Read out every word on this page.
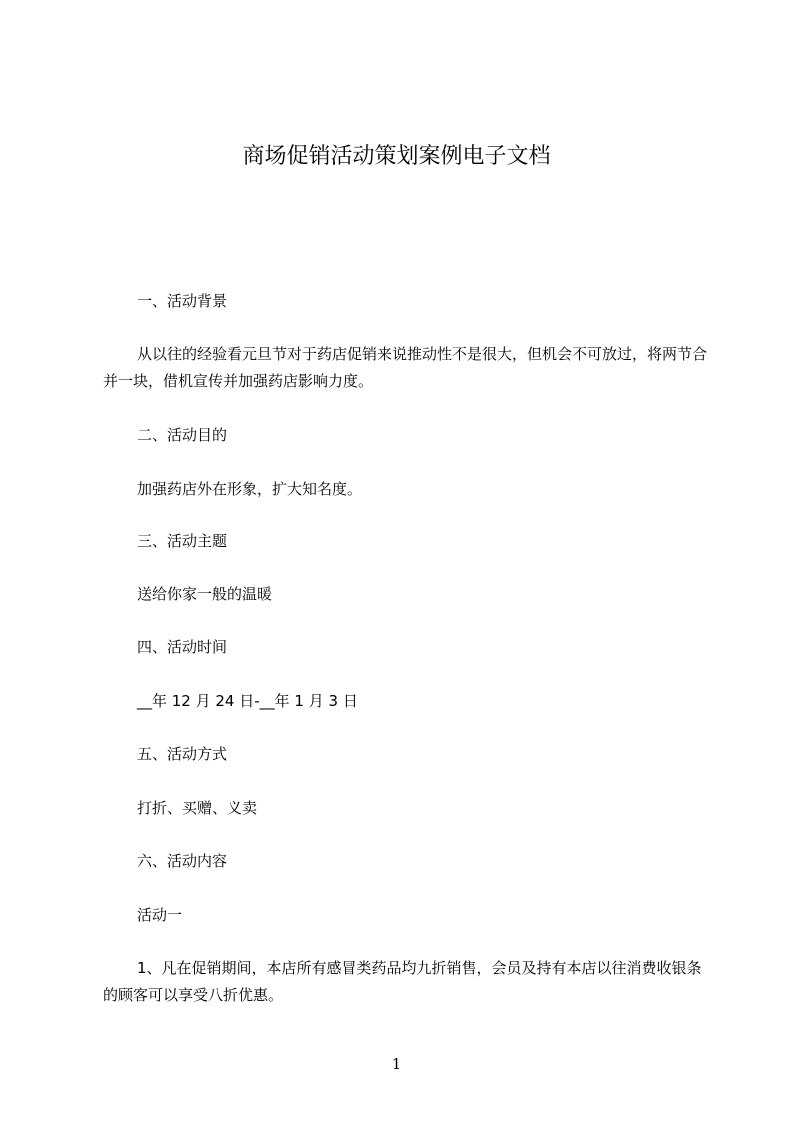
商场促销活动策划案例电子文档
一、活动背景
从以往的经验看元旦节对于药店促销来说推动性不是很大，但机会不可放过，将两节合并一块，借机宣传并加强药店影响力度。
二、活动目的
加强药店外在形象，扩大知名度。
三、活动主题
送给你家一般的温暖
四、活动时间
__年 12 月 24 日-__年 1 月 3 日
五、活动方式
打折、买赠、义卖
六、活动内容
活动一
1、凡在促销期间，本店所有感冒类药品均九折销售，会员及持有本店以往消费收银条的顾客可以享受八折优惠。
1
